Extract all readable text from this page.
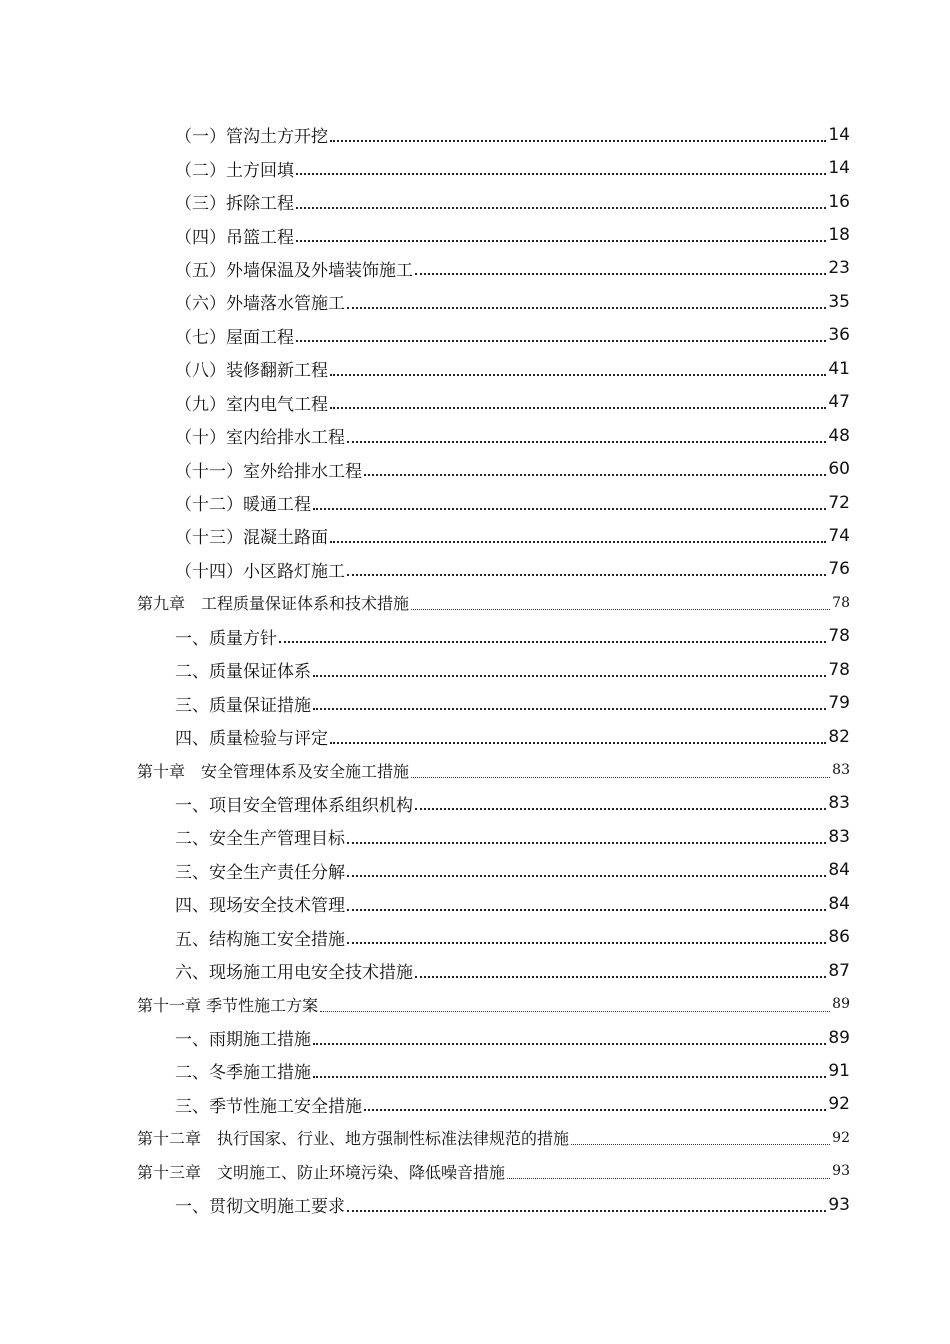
（一）管沟土方开挖	14
（二）土方回填	14
（三）拆除工程	16
（四）吊篮工程	18
（五）外墙保温及外墙装饰施工	23
（六）外墙落水管施工	35
（七）屋面工程	36
（八）装修翻新工程	41
（九）室内电气工程	47
（十）室内给排水工程	48
（十一）室外给排水工程	60
（十二）暖通工程	72
（十三）混凝土路面	74
（十四）小区路灯施工	76
第九章　工程质量保证体系和技术措施	78
一、质量方针	78
二、质量保证体系	78
三、质量保证措施	79
四、质量检验与评定	82
第十章　安全管理体系及安全施工措施	83
一、项目安全管理体系组织机构	83
二、安全生产管理目标	83
三、安全生产责任分解	84
四、现场安全技术管理	84
五、结构施工安全措施	86
六、现场施工用电安全技术措施	87
第十一章 季节性施工方案	89
一、雨期施工措施	89
二、冬季施工措施	91
三、季节性施工安全措施	92
第十二章　执行国家、行业、地方强制性标准法律规范的措施	92
第十三章　文明施工、防止环境污染、降低噪音措施	93
一、贯彻文明施工要求	93
